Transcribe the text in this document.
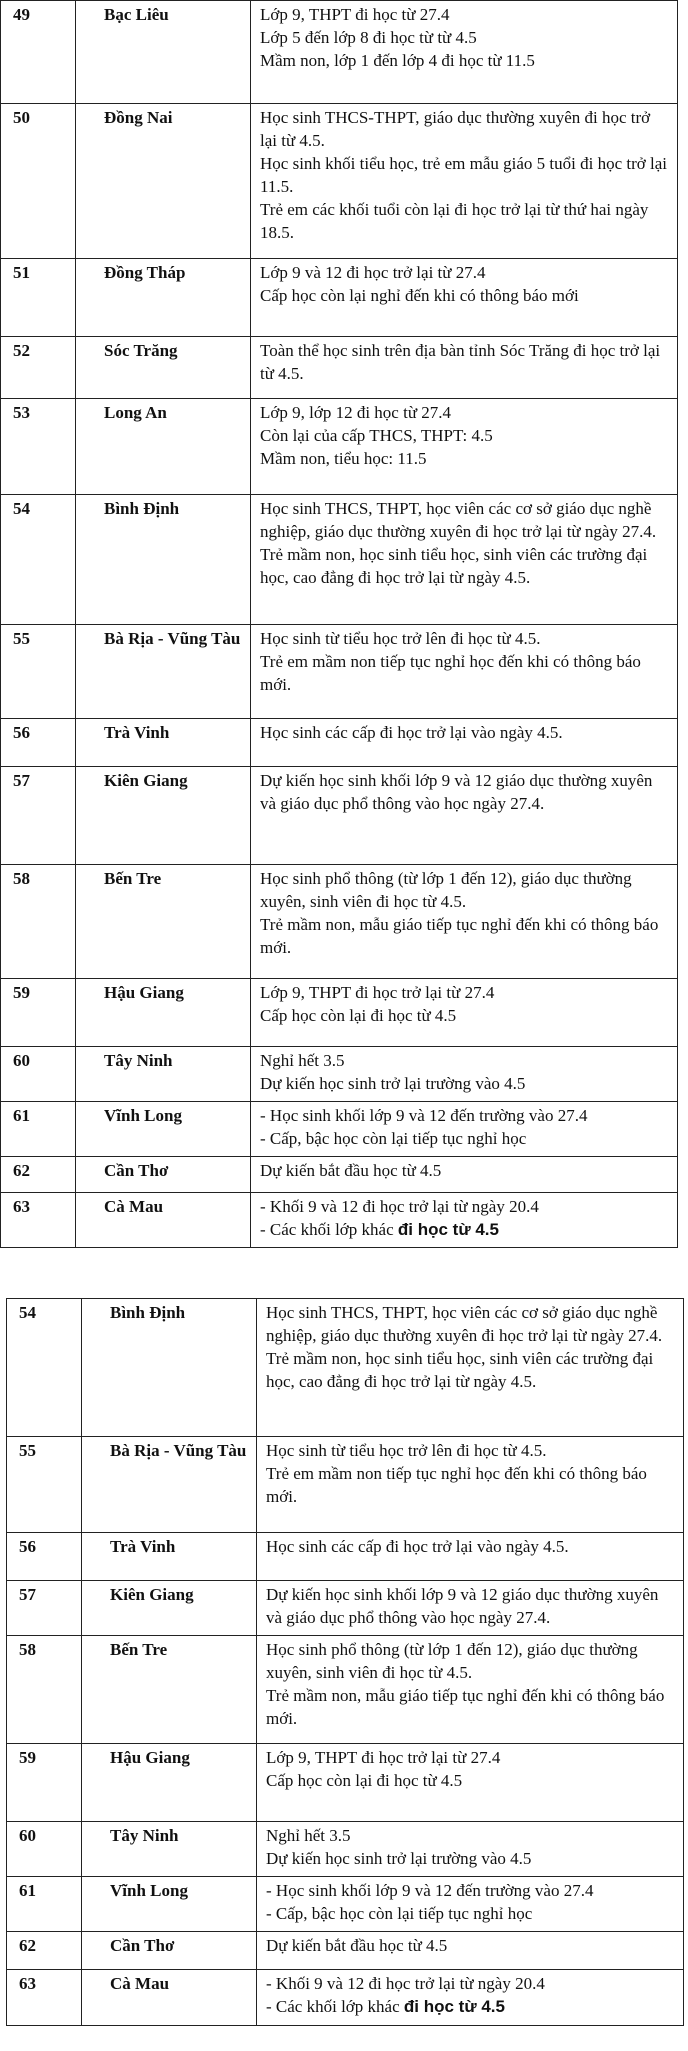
49	Bạc Liêu	Lớp 9, THPT đi học từ 27.4
Lớp 5 đến lớp 8 đi học từ từ 4.5
Mầm non, lớp 1 đến lớp 4 đi học từ 11.5

50	Đồng Nai	Học sinh THCS-THPT, giáo dục thường xuyên đi học trở lại từ 4.5.
Học sinh khối tiểu học, trẻ em mẫu giáo 5 tuổi đi học trở lại 11.5.
Trẻ em các khối tuổi còn lại đi học trở lại từ thứ hai ngày 18.5.

51	Đồng Tháp	Lớp 9 và 12 đi học trở lại từ 27.4
Cấp học còn lại nghỉ đến khi có thông báo mới

52	Sóc Trăng	Toàn thể học sinh trên địa bàn tỉnh Sóc Trăng đi học trở lại từ 4.5.

53	Long An	Lớp 9, lớp 12 đi học từ 27.4
Còn lại của cấp THCS, THPT: 4.5
Mầm non, tiểu học: 11.5

54	Bình Định	Học sinh THCS, THPT, học viên các cơ sở giáo dục nghề nghiệp, giáo dục thường xuyên đi học trở lại từ ngày 27.4.
Trẻ mầm non, học sinh tiểu học, sinh viên các trường đại học, cao đẳng đi học trở lại từ ngày 4.5.

55	Bà Rịa - Vũng Tàu	Học sinh từ tiểu học trở lên đi học từ 4.5.
Trẻ em mầm non tiếp tục nghỉ học đến khi có thông báo mới.

56	Trà Vinh	Học sinh các cấp đi học trở lại vào ngày 4.5.

57	Kiên Giang	Dự kiến học sinh khối lớp 9 và 12 giáo dục thường xuyên và giáo dục phổ thông vào học ngày 27.4.

58	Bến Tre	Học sinh phổ thông (từ lớp 1 đến 12), giáo dục thường xuyên, sinh viên đi học từ 4.5.
Trẻ mầm non, mẫu giáo tiếp tục nghỉ đến khi có thông báo mới.

59	Hậu Giang	Lớp 9, THPT đi học trở lại từ 27.4
Cấp học còn lại đi học từ 4.5

60	Tây Ninh	Nghỉ hết 3.5
Dự kiến học sinh trở lại trường vào 4.5

61	Vĩnh Long	- Học sinh khối lớp 9 và 12 đến trường vào 27.4
- Cấp, bậc học còn lại tiếp tục nghỉ học

62	Cần Thơ	Dự kiến bắt đầu học từ 4.5

63	Cà Mau	- Khối 9 và 12 đi học trở lại từ ngày 20.4
- Các khối lớp khác đi học từ 4.5
54	Bình Định	Học sinh THCS, THPT, học viên các cơ sở giáo dục nghề nghiệp, giáo dục thường xuyên đi học trở lại từ ngày 27.4.
Trẻ mầm non, học sinh tiểu học, sinh viên các trường đại học, cao đẳng đi học trở lại từ ngày 4.5.

55	Bà Rịa - Vũng Tàu	Học sinh từ tiểu học trở lên đi học từ 4.5.
Trẻ em mầm non tiếp tục nghỉ học đến khi có thông báo mới.

56	Trà Vinh	Học sinh các cấp đi học trở lại vào ngày 4.5.

57	Kiên Giang	Dự kiến học sinh khối lớp 9 và 12 giáo dục thường xuyên và giáo dục phổ thông vào học ngày 27.4.

58	Bến Tre	Học sinh phổ thông (từ lớp 1 đến 12), giáo dục thường xuyên, sinh viên đi học từ 4.5.
Trẻ mầm non, mẫu giáo tiếp tục nghỉ đến khi có thông báo mới.

59	Hậu Giang	Lớp 9, THPT đi học trở lại từ 27.4
Cấp học còn lại đi học từ 4.5

60	Tây Ninh	Nghỉ hết 3.5
Dự kiến học sinh trở lại trường vào 4.5

61	Vĩnh Long	- Học sinh khối lớp 9 và 12 đến trường vào 27.4
- Cấp, bậc học còn lại tiếp tục nghỉ học

62	Cần Thơ	Dự kiến bắt đầu học từ 4.5

63	Cà Mau	- Khối 9 và 12 đi học trở lại từ ngày 20.4
- Các khối lớp khác đi học từ 4.5
